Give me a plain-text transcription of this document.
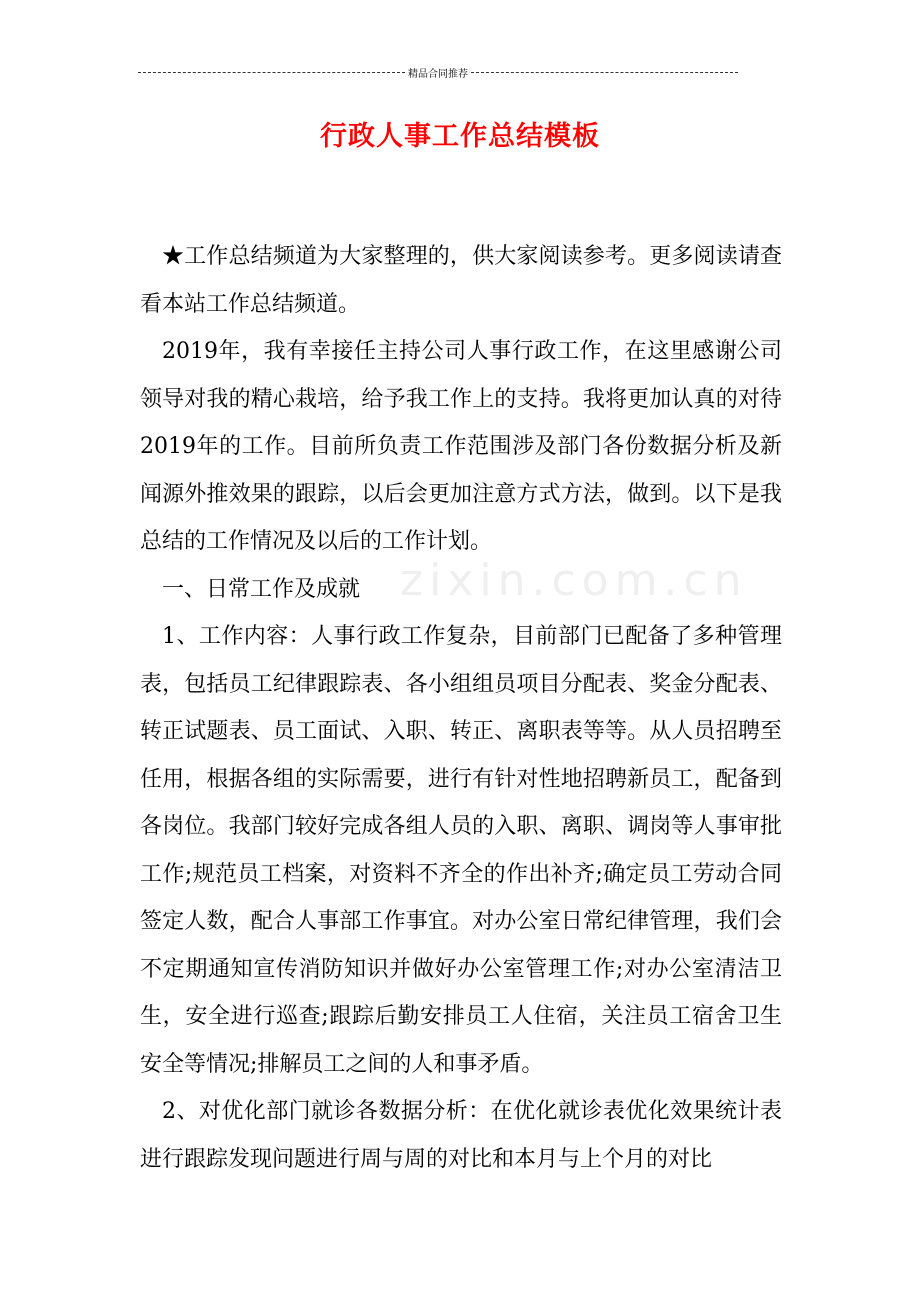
精品合同推荐
行政人事工作总结模板
zixin.com.cn

★工作总结频道为大家整理的，供大家阅读参考。更多阅读请查看本站工作总结频道。

2019年，我有幸接任主持公司人事行政工作，在这里感谢公司领导对我的精心栽培，给予我工作上的支持。我将更加认真的对待2019年的工作。目前所负责工作范围涉及部门各份数据分析及新闻源外推效果的跟踪，以后会更加注意方式方法，做到。以下是我总结的工作情况及以后的工作计划。

一、日常工作及成就

1、工作内容：人事行政工作复杂，目前部门已配备了多种管理表，包括员工纪律跟踪表、各小组组员项目分配表、奖金分配表、转正试题表、员工面试、入职、转正、离职表等等。从人员招聘至任用，根据各组的实际需要，进行有针对性地招聘新员工，配备到各岗位。我部门较好完成各组人员的入职、离职、调岗等人事审批工作;规范员工档案，对资料不齐全的作出补齐;确定员工劳动合同签定人数，配合人事部工作事宜。对办公室日常纪律管理，我们会不定期通知宣传消防知识并做好办公室管理工作;对办公室清洁卫生，安全进行巡查;跟踪后勤安排员工人住宿，关注员工宿舍卫生安全等情况;排解员工之间的人和事矛盾。

2、对优化部门就诊各数据分析：在优化就诊表优化效果统计表进行跟踪发现问题进行周与周的对比和本月与上个月的对比
